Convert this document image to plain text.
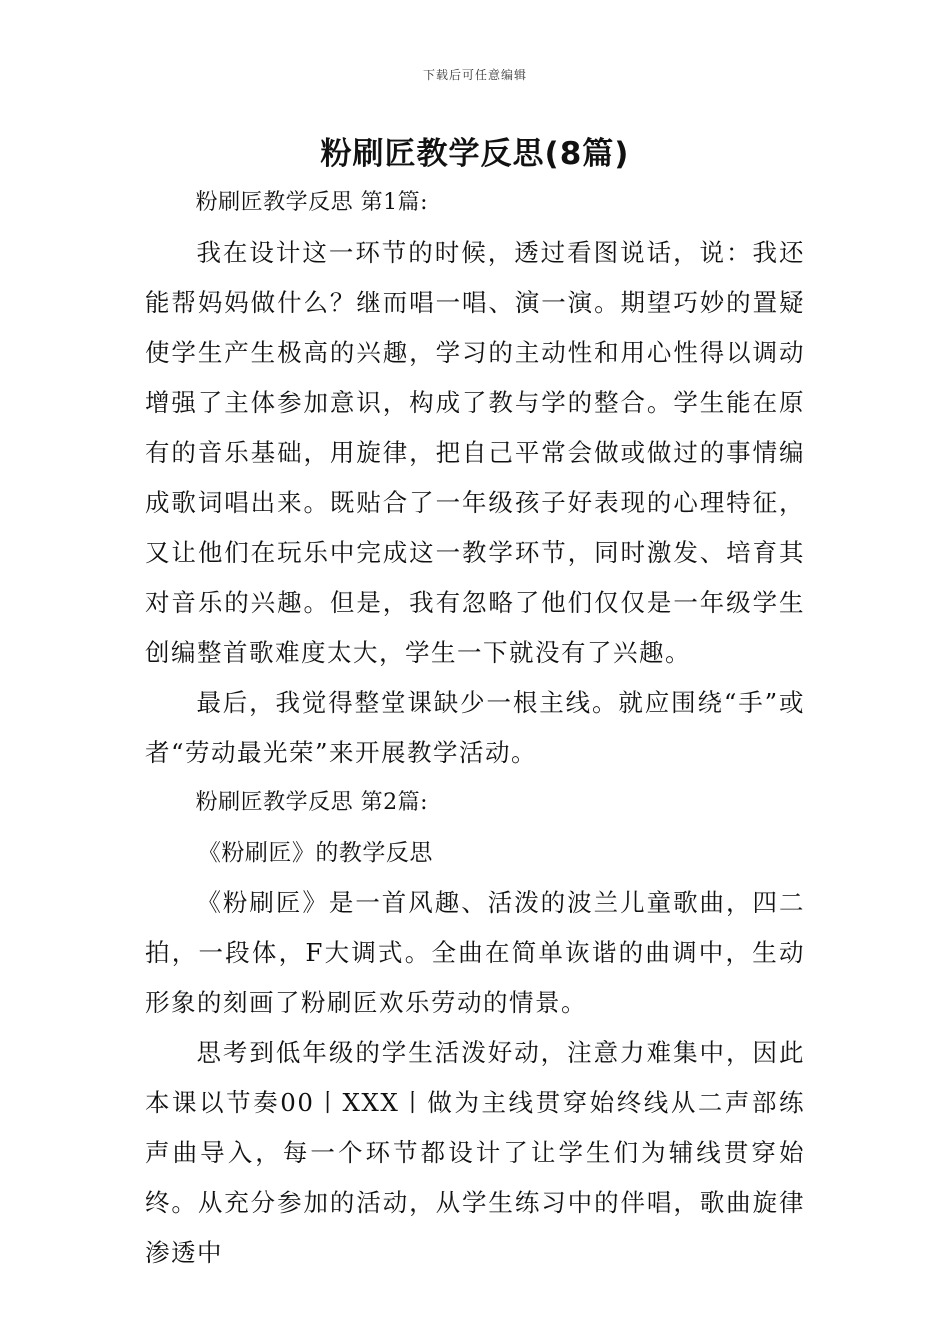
下载后可任意编辑
粉刷匠教学反思(8篇)

粉刷匠教学反思 第1篇:

我在设计这一环节的时候，透过看图说话，说：我还能帮妈妈做什么？继而唱一唱、演一演。期望巧妙的置疑使学生产生极高的兴趣，学习的主动性和用心性得以调动增强了主体参加意识，构成了教与学的整合。学生能在原有的音乐基础，用旋律，把自己平常会做或做过的事情编成歌词唱出来。既贴合了一年级孩子好表现的心理特征，又让他们在玩乐中完成这一教学环节，同时激发、培育其对音乐的兴趣。但是，我有忽略了他们仅仅是一年级学生创编整首歌难度太大，学生一下就没有了兴趣。

最后，我觉得整堂课缺少一根主线。就应围绕“手”或者“劳动最光荣”来开展教学活动。

粉刷匠教学反思 第2篇:

《粉刷匠》的教学反思

《粉刷匠》是一首风趣、活泼的波兰儿童歌曲，四二拍，一段体，F大调式。全曲在简单诙谐的曲调中，生动形象的刻画了粉刷匠欢乐劳动的情景。

思考到低年级的学生活泼好动，注意力难集中，因此本课以节奏00丨XXX丨做为主线贯穿始终线从二声部练声曲导入，每一个环节都设计了让学生们为辅线贯穿始终。从充分参加的活动，从学生练习中的伴唱，歌曲旋律渗透中
